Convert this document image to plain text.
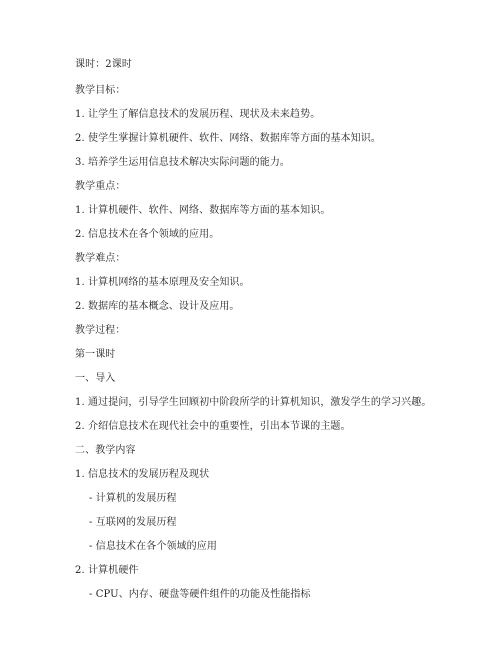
课时：2课时
教学目标：
1. 让学生了解信息技术的发展历程、现状及未来趋势。
2. 使学生掌握计算机硬件、软件、网络、数据库等方面的基本知识。
3. 培养学生运用信息技术解决实际问题的能力。
教学重点：
1. 计算机硬件、软件、网络、数据库等方面的基本知识。
2. 信息技术在各个领域的应用。
教学难点：
1. 计算机网络的基本原理及安全知识。
2. 数据库的基本概念、设计及应用。
教学过程：
第一课时
一、导入
1. 通过提问，引导学生回顾初中阶段所学的计算机知识，激发学生的学习兴趣。
2. 介绍信息技术在现代社会中的重要性，引出本节课的主题。
二、教学内容
1. 信息技术的发展历程及现状
- 计算机的发展历程
- 互联网的发展历程
- 信息技术在各个领域的应用
2. 计算机硬件
- CPU、内存、硬盘等硬件组件的功能及性能指标
